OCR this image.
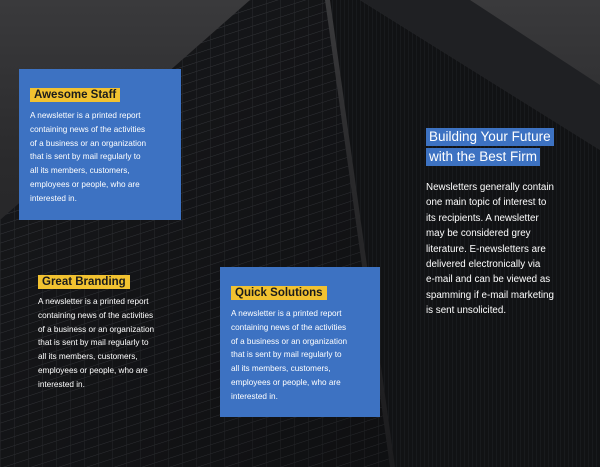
Awesome Staff

A newsletter is a printed report
containing news of the activities
of a business or an organization
that is sent by mail regularly to
all its members, customers,
employees or people, who are
interested in.

Great Branding

A newsletter is a printed report
containing news of the activities
of a business or an organization
that is sent by mail regularly to
all its members, customers,
employees or people, who are
interested in.

Quick Solutions

A newsletter is a printed report
containing news of the activities
of a business or an organization
that is sent by mail regularly to
all its members, customers,
employees or people, who are
interested in.

Building Your Future
with the Best Firm

Newsletters generally contain
one main topic of interest to
its recipients. A newsletter
may be considered grey
literature. E-newsletters are
delivered electronically via
e-mail and can be viewed as
spamming if e-mail marketing
is sent unsolicited.
